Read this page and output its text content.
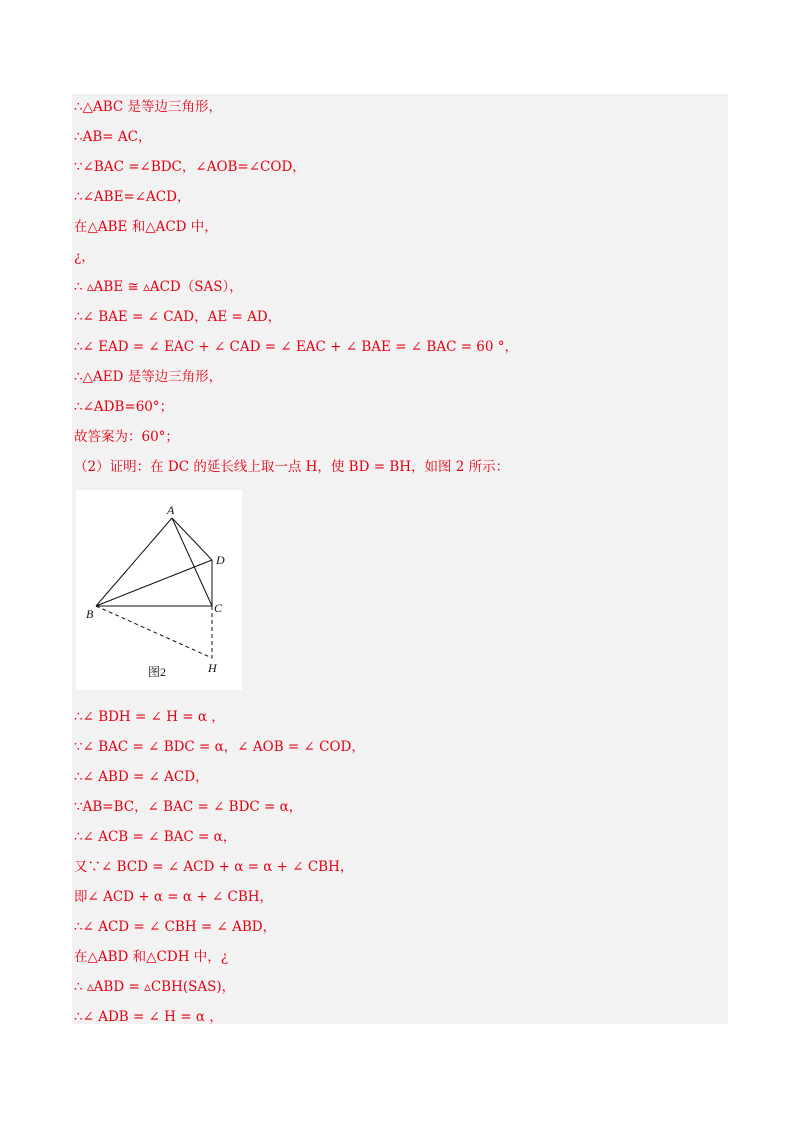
∴△ABC 是等边三角形，
∴AB= AC，
∵∠BAC =∠BDC，∠AOB=∠COD，
∴∠ABE=∠ACD，
在△ABE 和△ACD 中，
¿，
∴ ▵ABE ≅ ▵ACD（SAS），
∴∠ BAE = ∠ CAD，AE = AD，
∴∠ EAD = ∠ EAC + ∠ CAD = ∠ EAC + ∠ BAE = ∠ BAC = 60 °，
∴△AED 是等边三角形，
∴∠ADB=60°；
故答案为：60°；
（2）证明：在 DC 的延长线上取一点 H，使 BD = BH，如图 2 所示：
A
D
B	C
H
图2
∴∠ BDH = ∠ H = α ，
∵∠ BAC = ∠ BDC = α，∠ AOB = ∠ COD，
∴∠ ABD = ∠ ACD，
∵AB=BC，∠ BAC = ∠ BDC = α，
∴∠ ACB = ∠ BAC = α，
又∵∠ BCD = ∠ ACD + α = α + ∠ CBH，
即∠ ACD + α = α + ∠ CBH，
∴∠ ACD = ∠ CBH = ∠ ABD，
在△ABD 和△CDH 中，¿
∴ ▵ABD = ▵CBH(SAS)，
∴∠ ADB = ∠ H = α ，
